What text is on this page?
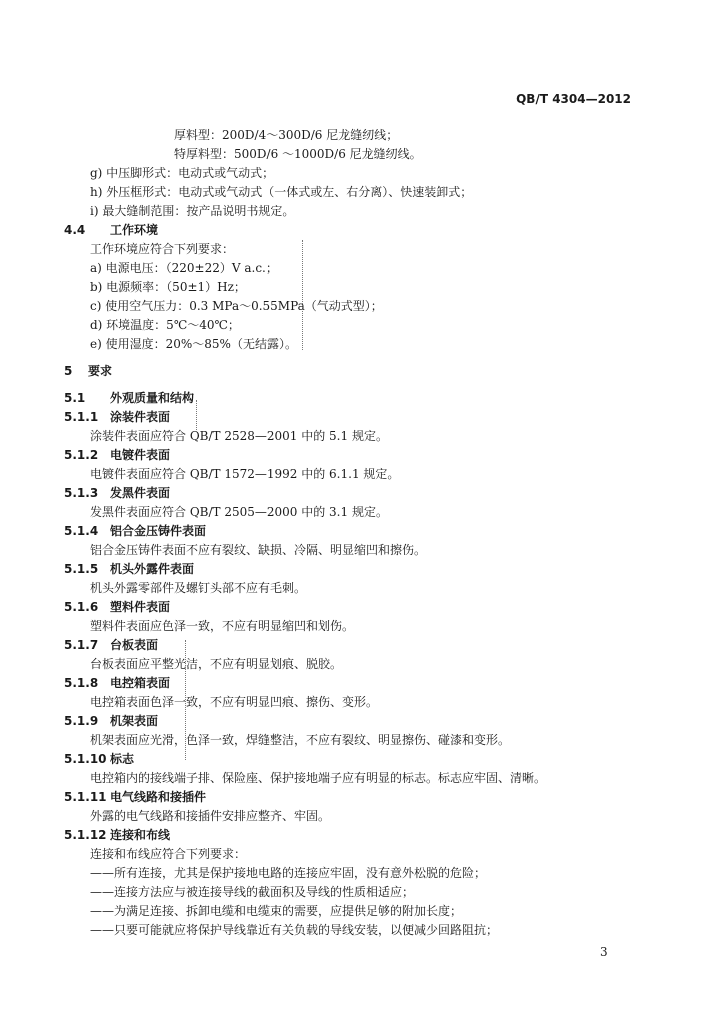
QB/T 4304—2012
厚料型：200D/4～300D/6 尼龙缝纫线；
特厚料型：500D/6 ～1000D/6 尼龙缝纫线。
g) 中压脚形式：电动式或气动式；
h) 外压框形式：电动式或气动式（一体式或左、右分离）、快速装卸式；
i) 最大缝制范围：按产品说明书规定。
4.4 工作环境
工作环境应符合下列要求：
a) 电源电压：（220±22）V a.c.；
b) 电源频率：（50±1）Hz；
c) 使用空气压力：0.3 MPa～0.55MPa（气动式型）；
d) 环境温度：5℃～40℃；
e) 使用湿度：20%～85%（无结露）。
5 要求
5.1 外观质量和结构
5.1.1 涂装件表面
涂装件表面应符合 QB/T 2528—2001 中的 5.1 规定。
5.1.2 电镀件表面
电镀件表面应符合 QB/T 1572—1992 中的 6.1.1 规定。
5.1.3 发黑件表面
发黑件表面应符合 QB/T 2505—2000 中的 3.1 规定。
5.1.4 铝合金压铸件表面
铝合金压铸件表面不应有裂纹、缺损、冷隔、明显缩凹和擦伤。
5.1.5 机头外露件表面
机头外露零部件及螺钉头部不应有毛刺。
5.1.6 塑料件表面
塑料件表面应色泽一致，不应有明显缩凹和划伤。
5.1.7 台板表面
台板表面应平整光洁，不应有明显划痕、脱胶。
5.1.8 电控箱表面
电控箱表面色泽一致，不应有明显凹痕、擦伤、变形。
5.1.9 机架表面
机架表面应光滑，色泽一致，焊缝整洁，不应有裂纹、明显擦伤、碰漆和变形。
5.1.10 标志
电控箱内的接线端子排、保险座、保护接地端子应有明显的标志。标志应牢固、清晰。
5.1.11 电气线路和接插件
外露的电气线路和接插件安排应整齐、牢固。
5.1.12 连接和布线
连接和布线应符合下列要求：
——所有连接，尤其是保护接地电路的连接应牢固，没有意外松脱的危险；
——连接方法应与被连接导线的截面积及导线的性质相适应；
——为满足连接、拆卸电缆和电缆束的需要，应提供足够的附加长度；
——只要可能就应将保护导线靠近有关负载的导线安装，以便减少回路阻抗；
3
